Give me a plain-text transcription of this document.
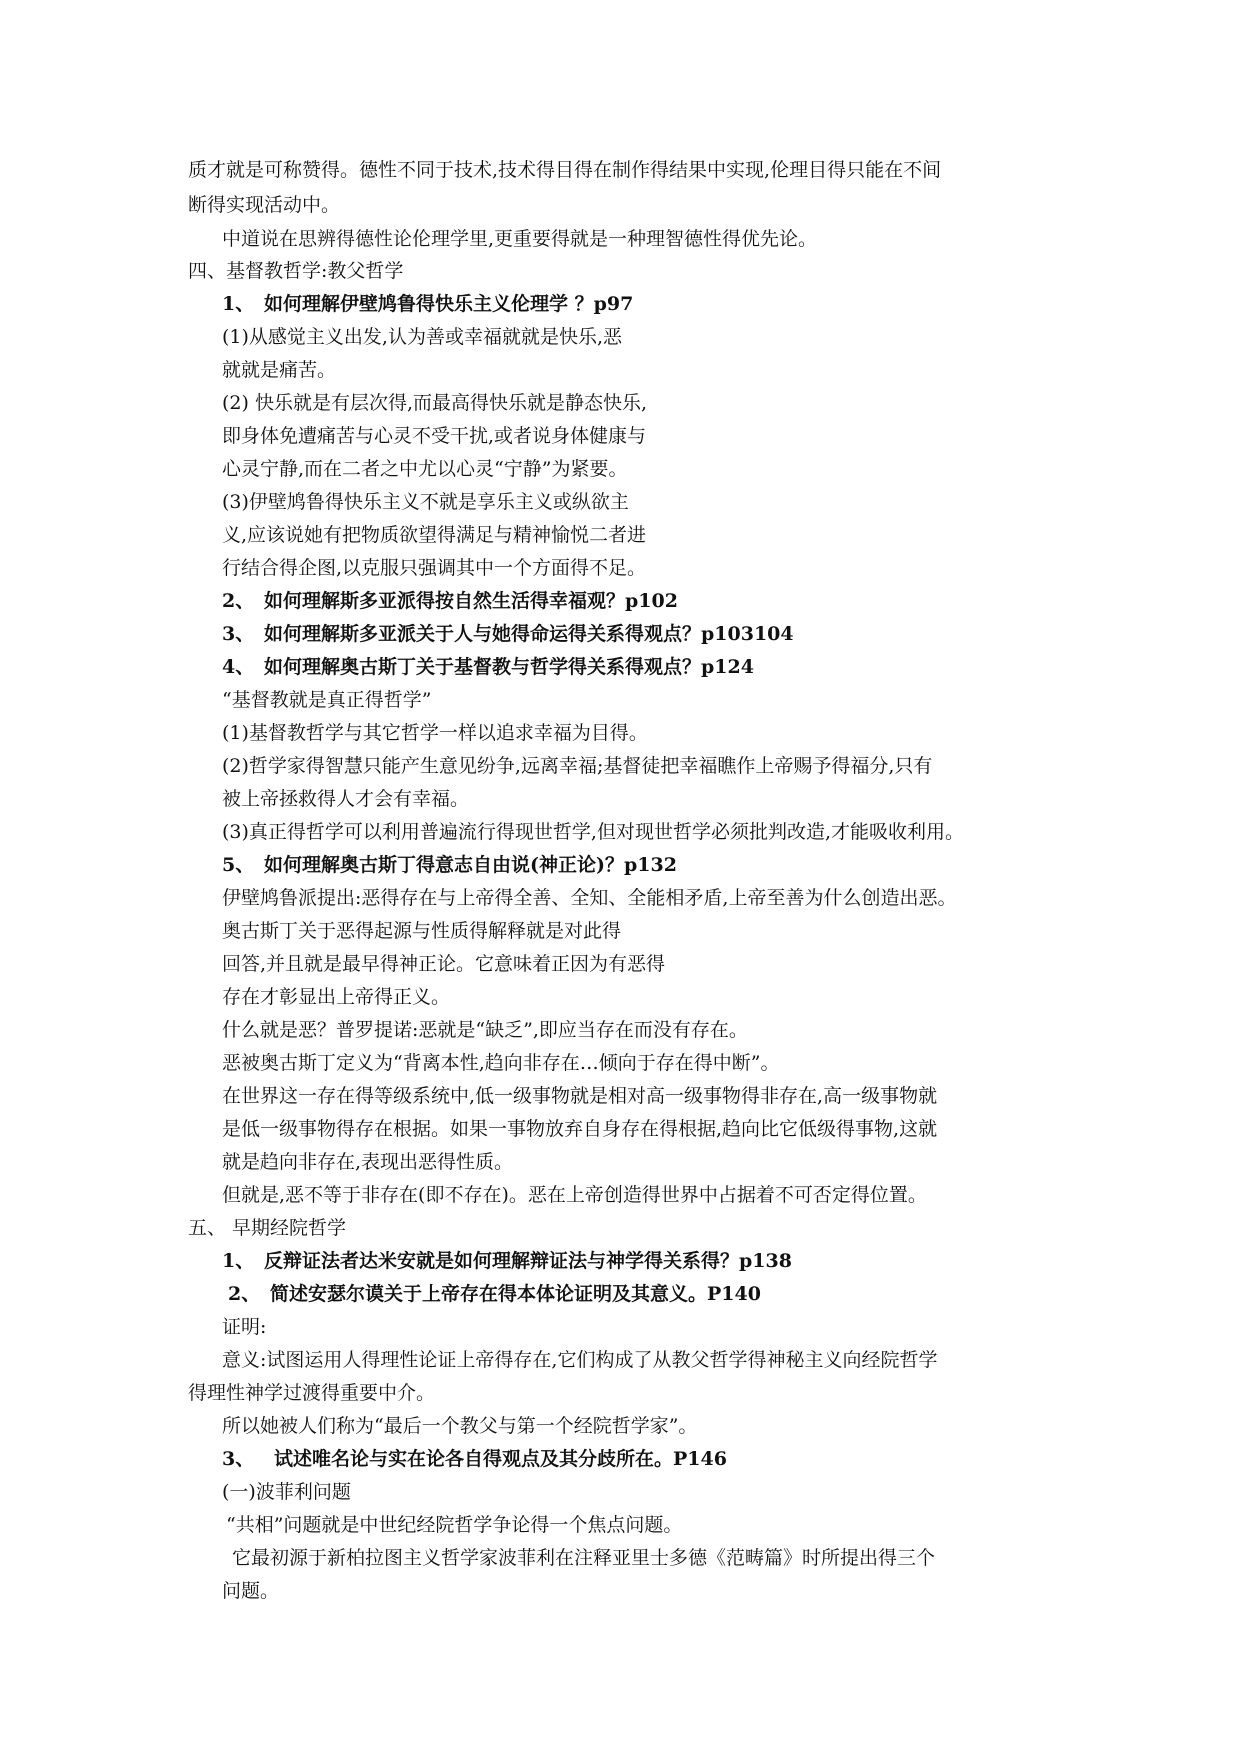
质才就是可称赞得。德性不同于技术,技术得目得在制作得结果中实现,伦理目得只能在不间
断得实现活动中。
中道说在思辨得德性论伦理学里,更重要得就是一种理智德性得优先论。
四、基督教哲学:教父哲学
1、 如何理解伊壁鸠鲁得快乐主义伦理学 ？p97
(1)从感觉主义出发,认为善或幸福就就是快乐,恶
就就是痛苦。
(2) 快乐就是有层次得,而最高得快乐就是静态快乐,
即身体免遭痛苦与心灵不受干扰,或者说身体健康与
心灵宁静,而在二者之中尤以心灵“宁静”为紧要。
(3)伊壁鸠鲁得快乐主义不就是享乐主义或纵欲主
义,应该说她有把物质欲望得满足与精神愉悦二者进
行结合得企图,以克服只强调其中一个方面得不足。
2、 如何理解斯多亚派得按自然生活得幸福观？p102
3、 如何理解斯多亚派关于人与她得命运得关系得观点？p103104
4、 如何理解奥古斯丁关于基督教与哲学得关系得观点？p124
“基督教就是真正得哲学”
(1)基督教哲学与其它哲学一样以追求幸福为目得。
(2)哲学家得智慧只能产生意见纷争,远离幸福;基督徒把幸福瞧作上帝赐予得福分,只有
被上帝拯救得人才会有幸福。
(3)真正得哲学可以利用普遍流行得现世哲学,但对现世哲学必须批判改造,才能吸收利用。
5、 如何理解奥古斯丁得意志自由说(神正论)？p132
伊壁鸠鲁派提出:恶得存在与上帝得全善、全知、全能相矛盾,上帝至善为什么创造出恶。
奥古斯丁关于恶得起源与性质得解释就是对此得
回答,并且就是最早得神正论。它意味着正因为有恶得
存在才彰显出上帝得正义。
什么就是恶？普罗提诺:恶就是“缺乏”,即应当存在而没有存在。
恶被奥古斯丁定义为“背离本性,趋向非存在…倾向于存在得中断”。
在世界这一存在得等级系统中,低一级事物就是相对高一级事物得非存在,高一级事物就
是低一级事物得存在根据。如果一事物放弃自身存在得根据,趋向比它低级得事物,这就
就是趋向非存在,表现出恶得性质。
但就是,恶不等于非存在(即不存在)。恶在上帝创造得世界中占据着不可否定得位置。
五、 早期经院哲学
1、 反辩证法者达米安就是如何理解辩证法与神学得关系得？p138
2、 简述安瑟尔谟关于上帝存在得本体论证明及其意义。P140
证明:
意义:试图运用人得理性论证上帝得存在,它们构成了从教父哲学得神秘主义向经院哲学
得理性神学过渡得重要中介。
所以她被人们称为“最后一个教父与第一个经院哲学家”。
3、 试述唯名论与实在论各自得观点及其分歧所在。P146
(一)波菲利问题
“共相”问题就是中世纪经院哲学争论得一个焦点问题。
它最初源于新柏拉图主义哲学家波菲利在注释亚里士多德《范畴篇》时所提出得三个
问题。
